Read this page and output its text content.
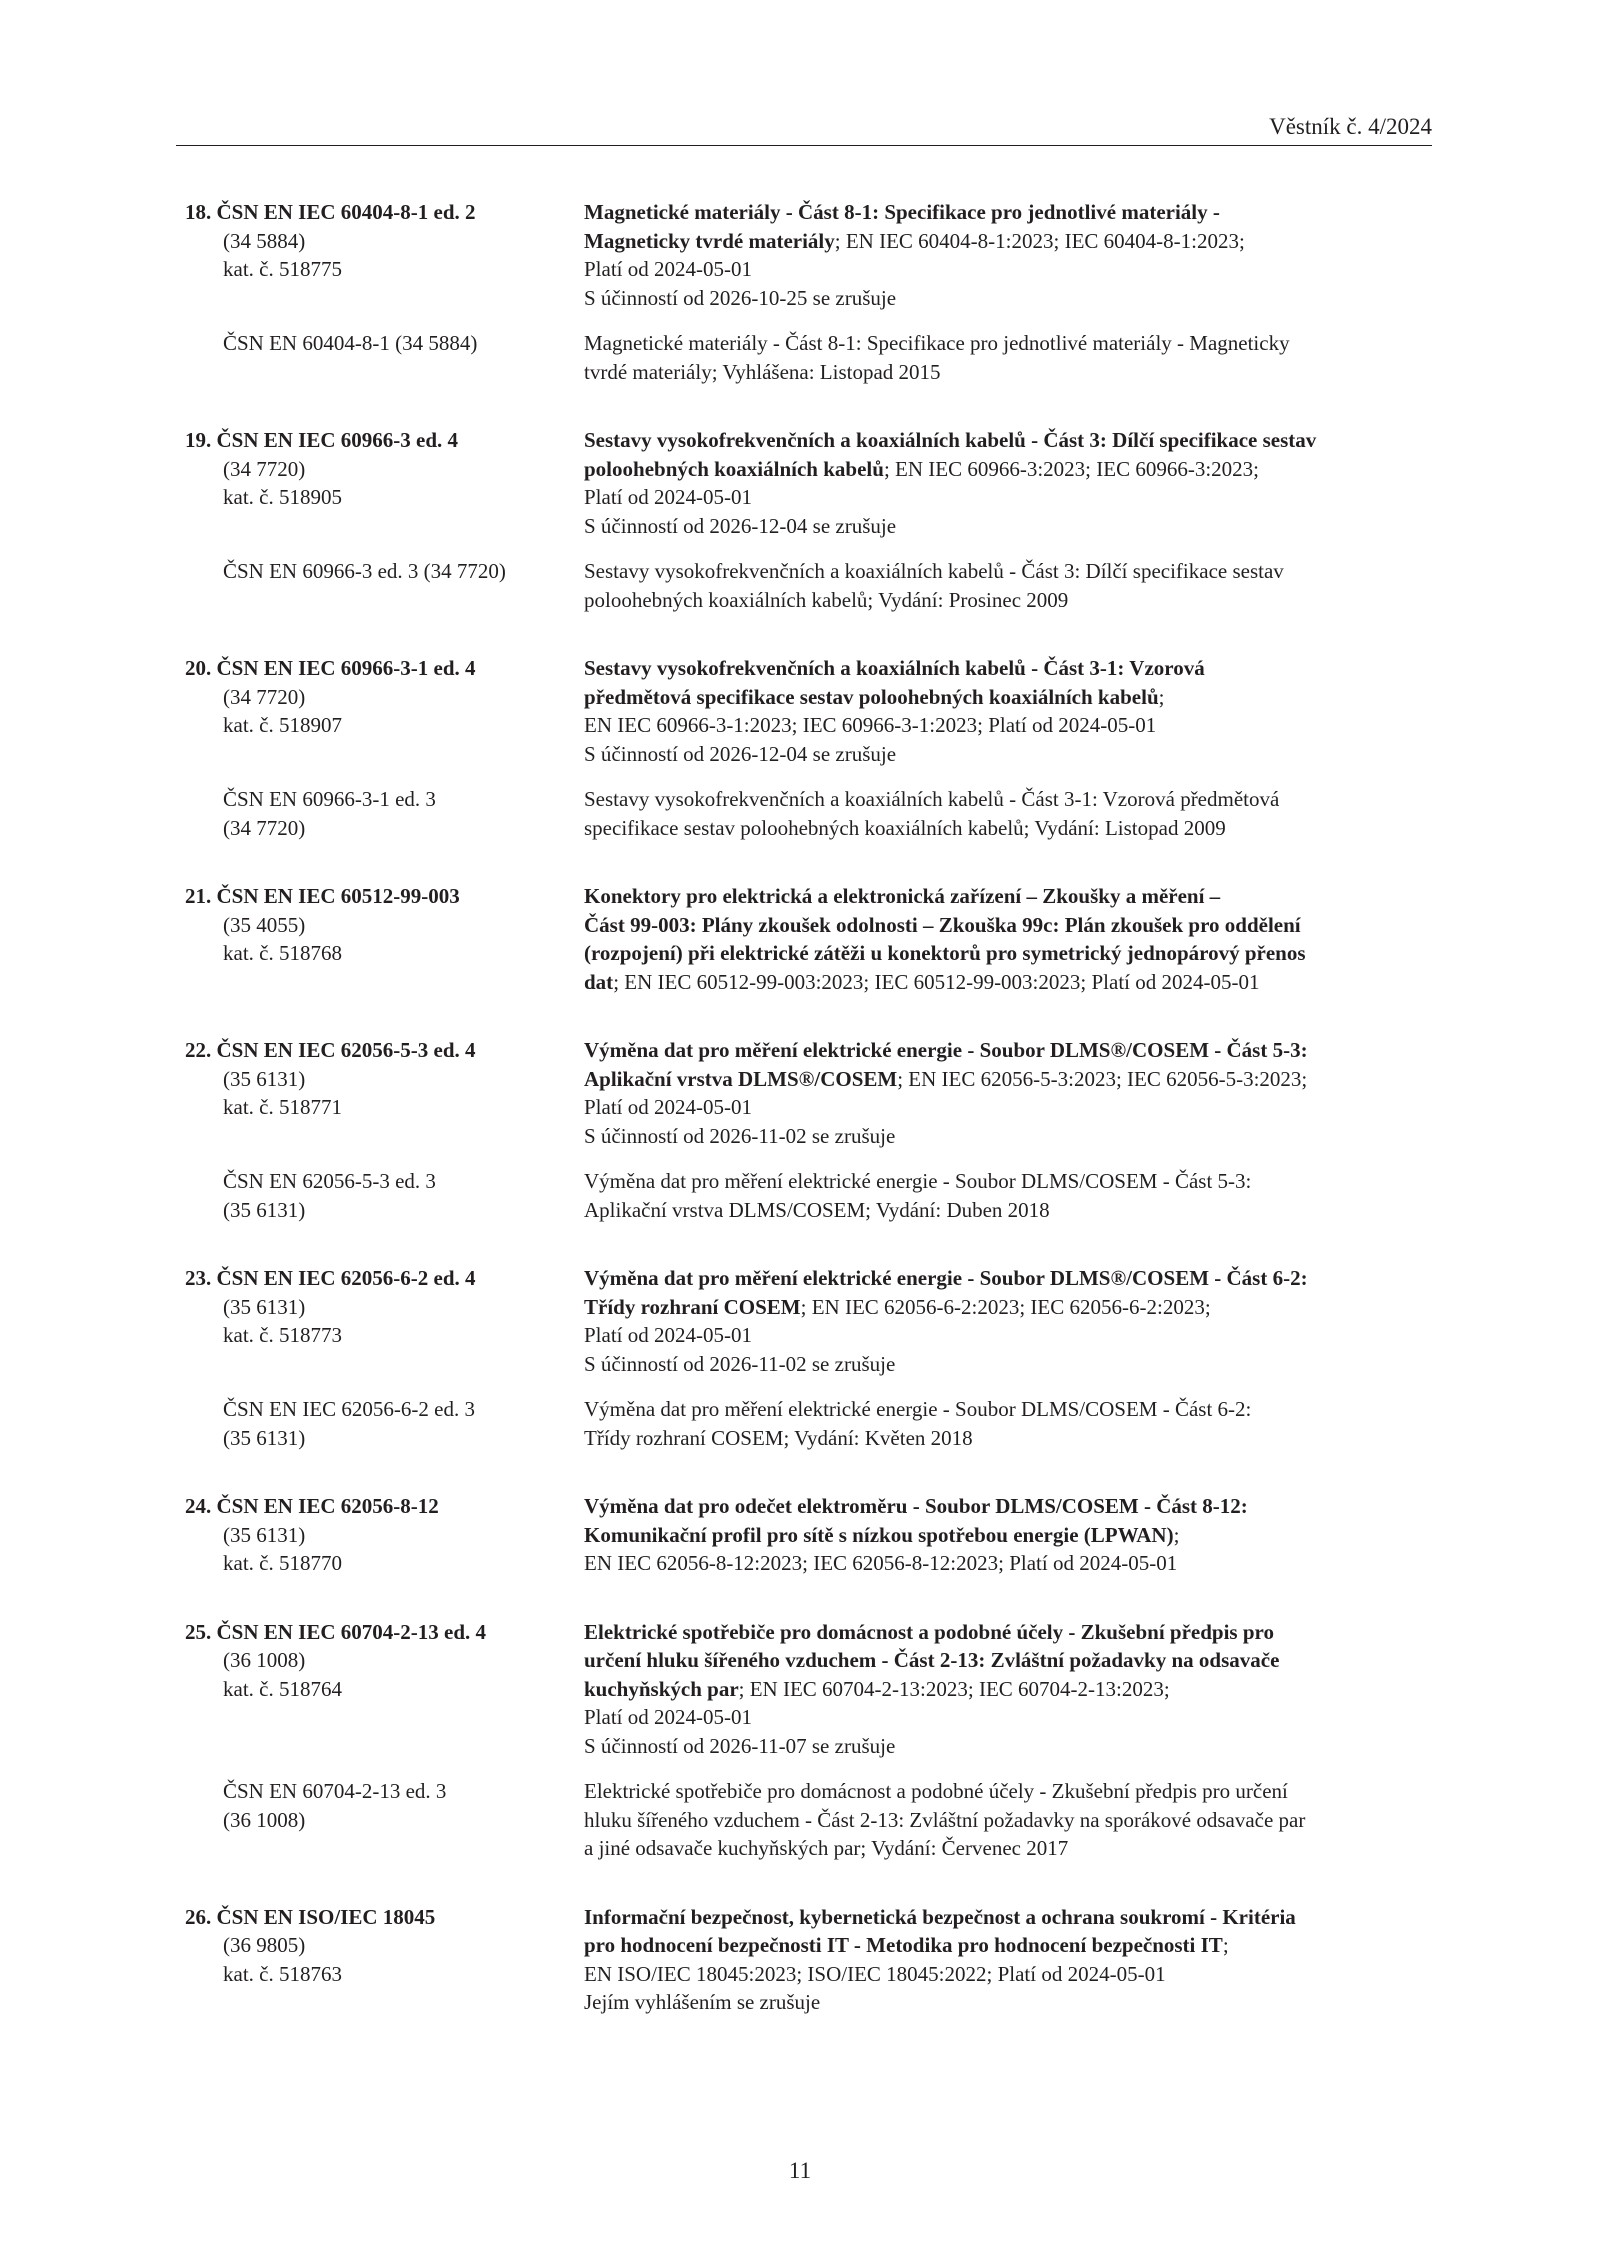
Věstník č. 4/2024
18. ČSN EN IEC 60404-8-1 ed. 2
(34 5884)
kat. č. 518775
Magnetické materiály - Část 8-1: Specifikace pro jednotlivé materiály -
Magneticky tvrdé materiály; EN IEC 60404-8-1:2023; IEC 60404-8-1:2023;
Platí od 2024-05-01
S účinností od 2026-10-25 se zrušuje
ČSN EN 60404-8-1 (34 5884)	Magnetické materiály - Část 8-1: Specifikace pro jednotlivé materiály - Magneticky
tvrdé materiály; Vyhlášena: Listopad 2015
19. ČSN EN IEC 60966-3 ed. 4
(34 7720)
kat. č. 518905
Sestavy vysokofrekvenčních a koaxiálních kabelů - Část 3: Dílčí specifikace sestav
poloohebných koaxiálních kabelů; EN IEC 60966-3:2023; IEC 60966-3:2023;
Platí od 2024-05-01
S účinností od 2026-12-04 se zrušuje
ČSN EN 60966-3 ed. 3 (34 7720)	Sestavy vysokofrekvenčních a koaxiálních kabelů - Část 3: Dílčí specifikace sestav
poloohebných koaxiálních kabelů; Vydání: Prosinec 2009
20. ČSN EN IEC 60966-3-1 ed. 4
(34 7720)
kat. č. 518907
Sestavy vysokofrekvenčních a koaxiálních kabelů - Část 3-1: Vzorová
předmětová specifikace sestav poloohebných koaxiálních kabelů;
EN IEC 60966-3-1:2023; IEC 60966-3-1:2023; Platí od 2024-05-01
S účinností od 2026-12-04 se zrušuje
ČSN EN 60966-3-1 ed. 3
(34 7720)
Sestavy vysokofrekvenčních a koaxiálních kabelů - Část 3-1: Vzorová předmětová
specifikace sestav poloohebných koaxiálních kabelů; Vydání: Listopad 2009
21. ČSN EN IEC 60512-99-003
(35 4055)
kat. č. 518768
Konektory pro elektrická a elektronická zařízení – Zkoušky a měření –
Část 99-003: Plány zkoušek odolnosti – Zkouška 99c: Plán zkoušek pro oddělení
(rozpojení) při elektrické zátěži u konektorů pro symetrický jednopárový přenos
dat; EN IEC 60512-99-003:2023; IEC 60512-99-003:2023; Platí od 2024-05-01
22. ČSN EN IEC 62056-5-3 ed. 4
(35 6131)
kat. č. 518771
Výměna dat pro měření elektrické energie - Soubor DLMS®/COSEM - Část 5-3:
Aplikační vrstva DLMS®/COSEM; EN IEC 62056-5-3:2023; IEC 62056-5-3:2023;
Platí od 2024-05-01
S účinností od 2026-11-02 se zrušuje
ČSN EN 62056-5-3 ed. 3
(35 6131)
Výměna dat pro měření elektrické energie - Soubor DLMS/COSEM - Část 5-3:
Aplikační vrstva DLMS/COSEM; Vydání: Duben 2018
23. ČSN EN IEC 62056-6-2 ed. 4
(35 6131)
kat. č. 518773
Výměna dat pro měření elektrické energie - Soubor DLMS®/COSEM - Část 6-2:
Třídy rozhraní COSEM; EN IEC 62056-6-2:2023; IEC 62056-6-2:2023;
Platí od 2024-05-01
S účinností od 2026-11-02 se zrušuje
ČSN EN IEC 62056-6-2 ed. 3
(35 6131)
Výměna dat pro měření elektrické energie - Soubor DLMS/COSEM - Část 6-2:
Třídy rozhraní COSEM; Vydání: Květen 2018
24. ČSN EN IEC 62056-8-12
(35 6131)
kat. č. 518770
Výměna dat pro odečet elektroměru - Soubor DLMS/COSEM - Část 8-12:
Komunikační profil pro sítě s nízkou spotřebou energie (LPWAN);
EN IEC 62056-8-12:2023; IEC 62056-8-12:2023; Platí od 2024-05-01
25. ČSN EN IEC 60704-2-13 ed. 4
(36 1008)
kat. č. 518764
Elektrické spotřebiče pro domácnost a podobné účely - Zkušební předpis pro
určení hluku šířeného vzduchem - Část 2-13: Zvláštní požadavky na odsavače
kuchyňských par; EN IEC 60704-2-13:2023; IEC 60704-2-13:2023;
Platí od 2024-05-01
S účinností od 2026-11-07 se zrušuje
ČSN EN 60704-2-13 ed. 3
(36 1008)
Elektrické spotřebiče pro domácnost a podobné účely - Zkušební předpis pro určení
hluku šířeného vzduchem - Část 2-13: Zvláštní požadavky na sporákové odsavače par
a jiné odsavače kuchyňských par; Vydání: Červenec 2017
26. ČSN EN ISO/IEC 18045
(36 9805)
kat. č. 518763
Informační bezpečnost, kybernetická bezpečnost a ochrana soukromí - Kritéria
pro hodnocení bezpečnosti IT - Metodika pro hodnocení bezpečnosti IT;
EN ISO/IEC 18045:2023; ISO/IEC 18045:2022; Platí od 2024-05-01
Jejím vyhlášením se zrušuje
11
